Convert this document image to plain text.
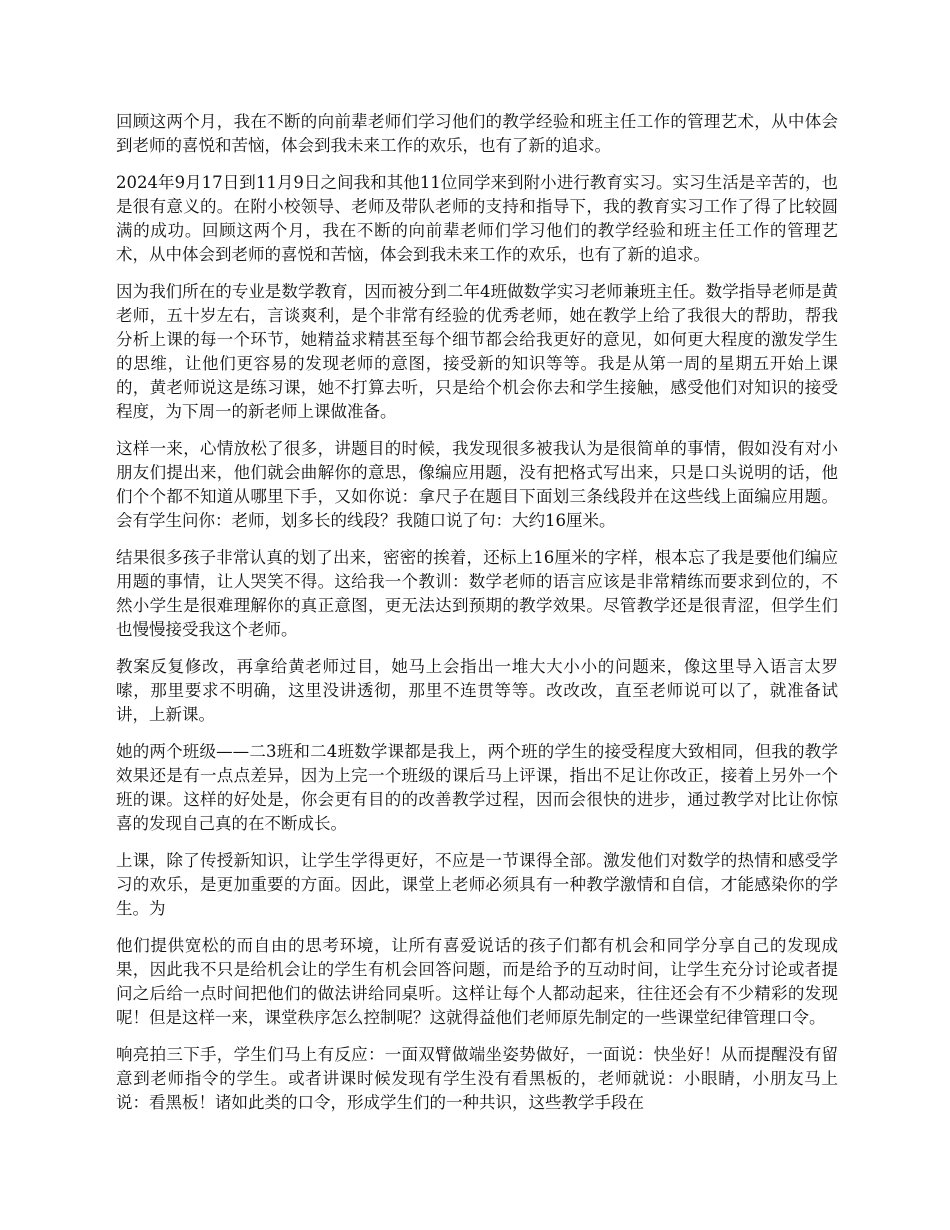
回顾这两个月，我在不断的向前辈老师们学习他们的教学经验和班主任工作的管理艺术，从中体会到老师的喜悦和苦恼，体会到我未来工作的欢乐，也有了新的追求。

2024年9月17日到11月9日之间我和其他11位同学来到附小进行教育实习。实习生活是辛苦的，也是很有意义的。在附小校领导、老师及带队老师的支持和指导下，我的教育实习工作了得了比较圆满的成功。回顾这两个月，我在不断的向前辈老师们学习他们的教学经验和班主任工作的管理艺术，从中体会到老师的喜悦和苦恼，体会到我未来工作的欢乐，也有了新的追求。

因为我们所在的专业是数学教育，因而被分到二年4班做数学实习老师兼班主任。数学指导老师是黄老师，五十岁左右，言谈爽利，是个非常有经验的优秀老师，她在教学上给了我很大的帮助，帮我分析上课的每一个环节，她精益求精甚至每个细节都会给我更好的意见，如何更大程度的激发学生的思维，让他们更容易的发现老师的意图，接受新的知识等等。我是从第一周的星期五开始上课的，黄老师说这是练习课，她不打算去听，只是给个机会你去和学生接触，感受他们对知识的接受程度，为下周一的新老师上课做准备。

这样一来，心情放松了很多，讲题目的时候，我发现很多被我认为是很简单的事情，假如没有对小朋友们提出来，他们就会曲解你的意思，像编应用题，没有把格式写出来，只是口头说明的话，他们个个都不知道从哪里下手，又如你说：拿尺子在题目下面划三条线段并在这些线上面编应用题。会有学生问你：老师，划多长的线段？我随口说了句：大约16厘米。

结果很多孩子非常认真的划了出来，密密的挨着，还标上16厘米的字样，根本忘了我是要他们编应用题的事情，让人哭笑不得。这给我一个教训：数学老师的语言应该是非常精练而要求到位的，不然小学生是很难理解你的真正意图，更无法达到预期的教学效果。尽管教学还是很青涩，但学生们也慢慢接受我这个老师。

教案反复修改，再拿给黄老师过目，她马上会指出一堆大大小小的问题来，像这里导入语言太罗嗦，那里要求不明确，这里没讲透彻，那里不连贯等等。改改改，直至老师说可以了，就准备试讲，上新课。

她的两个班级——二3班和二4班数学课都是我上，两个班的学生的接受程度大致相同，但我的教学效果还是有一点点差异，因为上完一个班级的课后马上评课，指出不足让你改正，接着上另外一个班的课。这样的好处是，你会更有目的的改善教学过程，因而会很快的进步，通过教学对比让你惊喜的发现自己真的在不断成长。

上课，除了传授新知识，让学生学得更好，不应是一节课得全部。激发他们对数学的热情和感受学习的欢乐，是更加重要的方面。因此，课堂上老师必须具有一种教学激情和自信，才能感染你的学生。为

他们提供宽松的而自由的思考环境，让所有喜爱说话的孩子们都有机会和同学分享自己的发现成果，因此我不只是给机会让的学生有机会回答问题，而是给予的互动时间，让学生充分讨论或者提问之后给一点时间把他们的做法讲给同桌听。这样让每个人都动起来，往往还会有不少精彩的发现呢！但是这样一来，课堂秩序怎么控制呢？这就得益他们老师原先制定的一些课堂纪律管理口令。

响亮拍三下手，学生们马上有反应：一面双臂做端坐姿势做好，一面说：快坐好！从而提醒没有留意到老师指令的学生。或者讲课时候发现有学生没有看黑板的，老师就说：小眼睛，小朋友马上说：看黑板！诸如此类的口令，形成学生们的一种共识，这些教学手段在
